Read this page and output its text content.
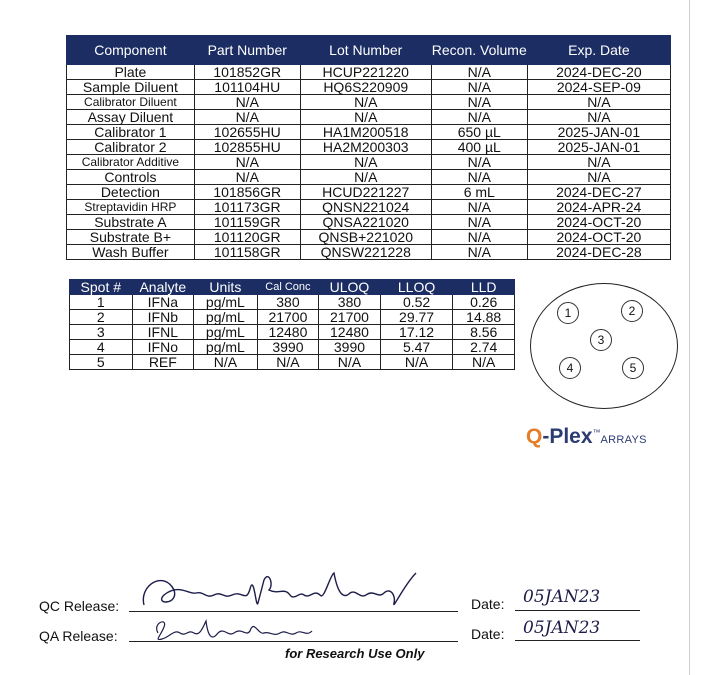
Component	Part Number	Lot Number	Recon. Volume	Exp. Date
Plate	101852GR	HCUP221220	N/A	2024-DEC-20
Sample Diluent	101104HU	HQ6S220909	N/A	2024-SEP-09
Calibrator Diluent	N/A	N/A	N/A	N/A
Assay Diluent	N/A	N/A	N/A	N/A
Calibrator 1	102655HU	HA1M200518	650 µL	2025-JAN-01
Calibrator 2	102855HU	HA2M200303	400 µL	2025-JAN-01
Calibrator Additive	N/A	N/A	N/A	N/A
Controls	N/A	N/A	N/A	N/A
Detection	101856GR	HCUD221227	6 mL	2024-DEC-27
Streptavidin HRP	101173GR	QNSN221024	N/A	2024-APR-24
Substrate A	101159GR	QNSA221020	N/A	2024-OCT-20
Substrate B+	101120GR	QNSB+221020	N/A	2024-OCT-20
Wash Buffer	101158GR	QNSW221228	N/A	2024-DEC-28
Spot #	Analyte	Units	Cal Conc	ULOQ	LLOQ	LLD
1	IFNa	pg/mL	380	380	0.52	0.26
2	IFNb	pg/mL	21700	21700	29.77	14.88
3	IFNL	pg/mL	12480	12480	17.12	8.56
4	IFNo	pg/mL	3990	3990	5.47	2.74
5	REF	N/A	N/A	N/A	N/A	N/A
1	2
3
4	5
Q-Plex™ARRAYS
QC Release:
QA Release:
Date: 05JAN23
Date: 05JAN23
for Research Use Only
